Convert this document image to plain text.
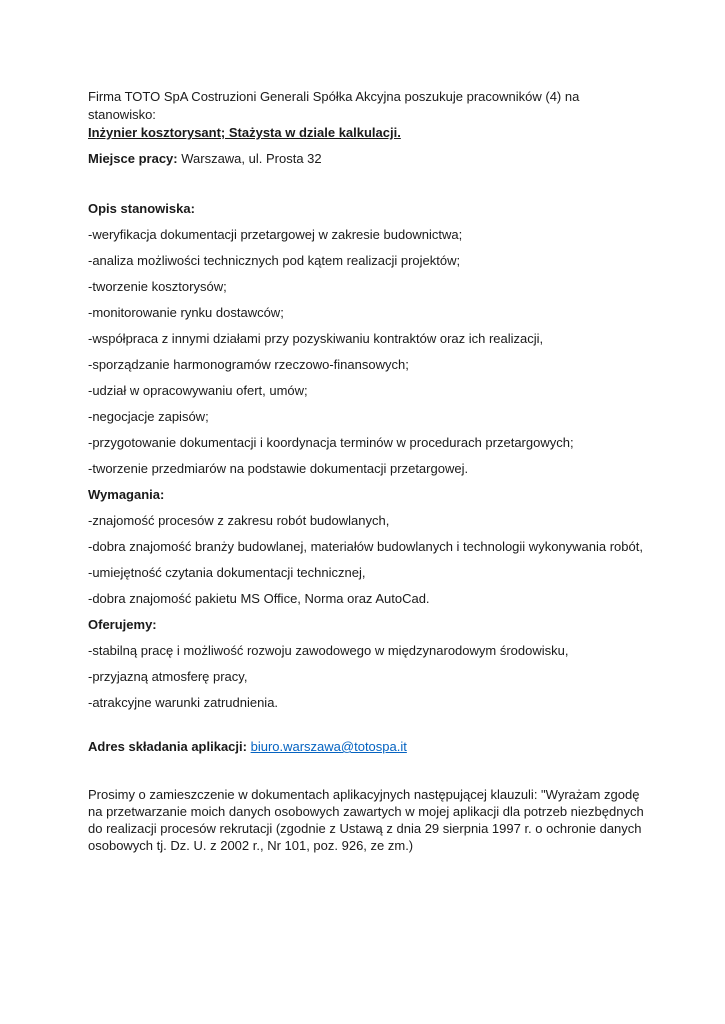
Firma TOTO SpA Costruzioni Generali Spółka Akcyjna poszukuje pracowników (4) na stanowisko:
Inżynier kosztorysant; Stażysta w dziale kalkulacji.
Miejsce pracy: Warszawa, ul. Prosta 32
Opis stanowiska:
-weryfikacja dokumentacji przetargowej w zakresie budownictwa;
-analiza możliwości technicznych pod kątem realizacji projektów;
-tworzenie kosztorysów;
-monitorowanie rynku dostawców;
-współpraca z innymi działami przy pozyskiwaniu kontraktów oraz ich realizacji,
-sporządzanie harmonogramów rzeczowo-finansowych;
-udział w opracowywaniu ofert, umów;
-negocjacje zapisów;
-przygotowanie dokumentacji i koordynacja terminów w procedurach przetargowych;
-tworzenie przedmiarów na podstawie dokumentacji przetargowej.
Wymagania:
-znajomość procesów z zakresu robót budowlanych,
-dobra znajomość branży budowlanej, materiałów budowlanych i technologii wykonywania robót,
-umiejętność czytania dokumentacji technicznej,
-dobra znajomość pakietu MS Office, Norma oraz AutoCad.
Oferujemy:
-stabilną pracę i możliwość rozwoju zawodowego w międzynarodowym środowisku,
-przyjazną atmosferę pracy,
-atrakcyjne warunki zatrudnienia.
Adres składania aplikacji: biuro.warszawa@totospa.it
Prosimy o zamieszczenie w dokumentach aplikacyjnych następującej klauzuli: "Wyrażam zgodę na przetwarzanie moich danych osobowych zawartych w mojej aplikacji dla potrzeb niezbędnych do realizacji procesów rekrutacji (zgodnie z Ustawą z dnia 29 sierpnia 1997 r. o ochronie danych osobowych tj. Dz. U. z 2002 r., Nr 101, poz. 926, ze zm.)
